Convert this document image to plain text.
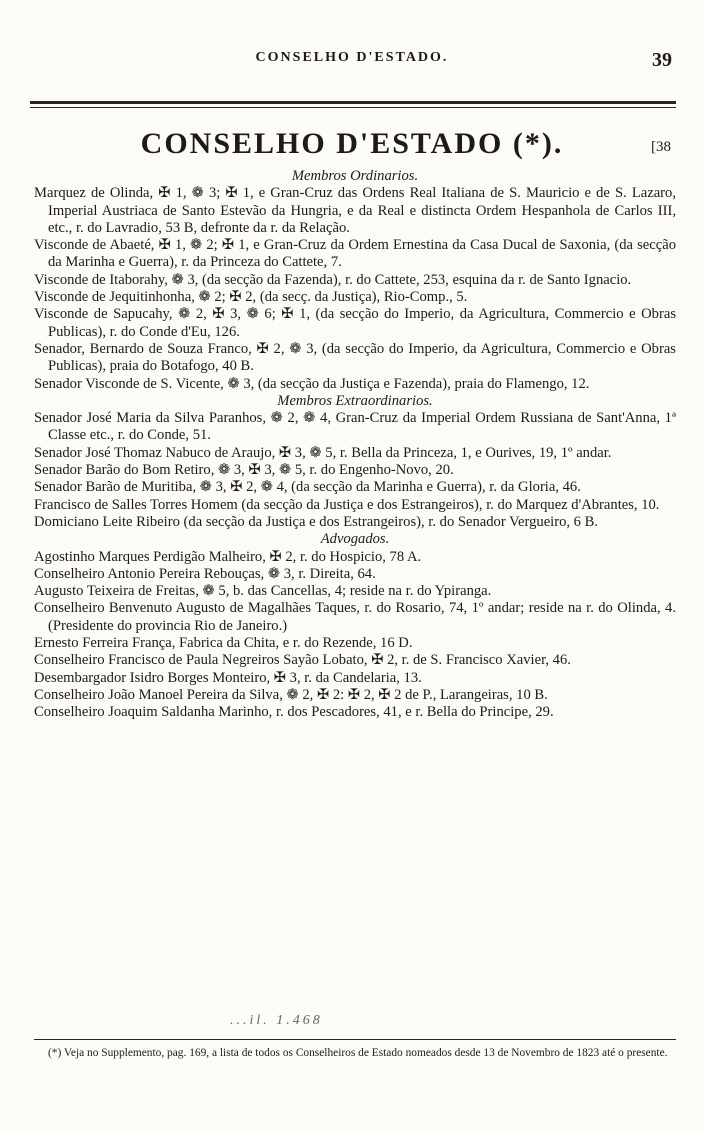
CONSELHO D'ESTADO.	39
CONSELHO D'ESTADO (*).	[38

Membros Ordinarios.

Marquez de Olinda, ✠ 1, ❁ 3; ✠ 1, e Gran-Cruz das Ordens Real Italiana de S. Mauricio e de S. Lazaro, Imperial Austriaca de Santo Estevão da Hungria, e da Real e distincta Ordem Hespanhola de Carlos III, etc., r. do Lavradio, 53 B, defronte da r. da Relação.

Visconde de Abaeté, ✠ 1, ❁ 2; ✠ 1, e Gran-Cruz da Ordem Ernestina da Casa Ducal de Saxonia, (da secção da Marinha e Guerra), r. da Princeza do Cattete, 7.

Visconde de Itaborahy, ❁ 3, (da secção da Fazenda), r. do Cattete, 253, esquina da r. de Santo Ignacio.

Visconde de Jequitinhonha, ❁ 2; ✠ 2, (da secç. da Justiça), Rio-Comp., 5.

Visconde de Sapucahy, ❁ 2, ✠ 3, ❁ 6; ✠ 1, (da secção do Imperio, da Agricultura, Commercio e Obras Publicas), r. do Conde d'Eu, 126.

Senador, Bernardo de Souza Franco, ✠ 2, ❁ 3, (da secção do Imperio, da Agricultura, Commercio e Obras Publicas), praia do Botafogo, 40 B.

Senador Visconde de S. Vicente, ❁ 3, (da secção da Justiça e Fazenda), praia do Flamengo, 12.

Membros Extraordinarios.

Senador José Maria da Silva Paranhos, ❁ 2, ❁ 4, Gran-Cruz da Imperial Ordem Russiana de Sant'Anna, 1ª Classe etc., r. do Conde, 51.

Senador José Thomaz Nabuco de Araujo, ✠ 3, ❁ 5, r. Bella da Princeza, 1, e Ourives, 19, 1º andar.

Senador Barão do Bom Retiro, ❁ 3, ✠ 3, ❁ 5, r. do Engenho-Novo, 20.

Senador Barão de Muritiba, ❁ 3, ✠ 2, ❁ 4, (da secção da Marinha e Guerra), r. da Gloria, 46.

Francisco de Salles Torres Homem (da secção da Justiça e dos Estrangeiros), r. do Marquez d'Abrantes, 10.

Domiciano Leite Ribeiro (da secção da Justiça e dos Estrangeiros), r. do Senador Vergueiro, 6 B.

Advogados.

Agostinho Marques Perdigão Malheiro, ✠ 2, r. do Hospicio, 78 A.

Conselheiro Antonio Pereira Rebouças, ❁ 3, r. Direita, 64.

Augusto Teixeira de Freitas, ❁ 5, b. das Cancellas, 4; reside na r. do Ypiranga.

Conselheiro Benvenuto Augusto de Magalhães Taques, r. do Rosario, 74, 1º andar; reside na r. do Olinda, 4. (Presidente do provincia Rio de Janeiro.)

Ernesto Ferreira França, Fabrica da Chita, e r. do Rezende, 16 D.

Conselheiro Francisco de Paula Negreiros Sayão Lobato, ✠ 2, r. de S. Francisco Xavier, 46.

Desembargador Isidro Borges Monteiro, ✠ 3, r. da Candelaria, 13.

Conselheiro João Manoel Pereira da Silva, ❁ 2, ✠ 2: ✠ 2, ✠ 2 de P., Larangeiras, 10 B.

Conselheiro Joaquim Saldanha Marinho, r. dos Pescadores, 41, e r. Bella do Principe, 29.

...il. 1.468
(*) Veja no Supplemento, pag. 169, a lista de todos os Conselheiros de Estado nomeados desde 13 de Novembro de 1823 até o presente.
